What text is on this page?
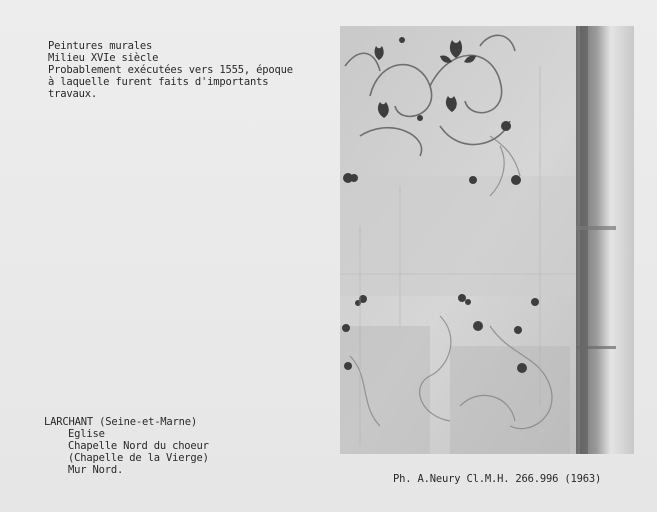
Peintures murales
Milieu XVIe siècle
Probablement exécutées vers 1555, époque
à laquelle furent faits d'importants
travaux.
LARCHANT (Seine-et-Marne)
Eglise
Chapelle Nord du choeur
(Chapelle de la Vierge)
Mur Nord.
Ph. A.Neury Cl.M.H. 266.996 (1963)
